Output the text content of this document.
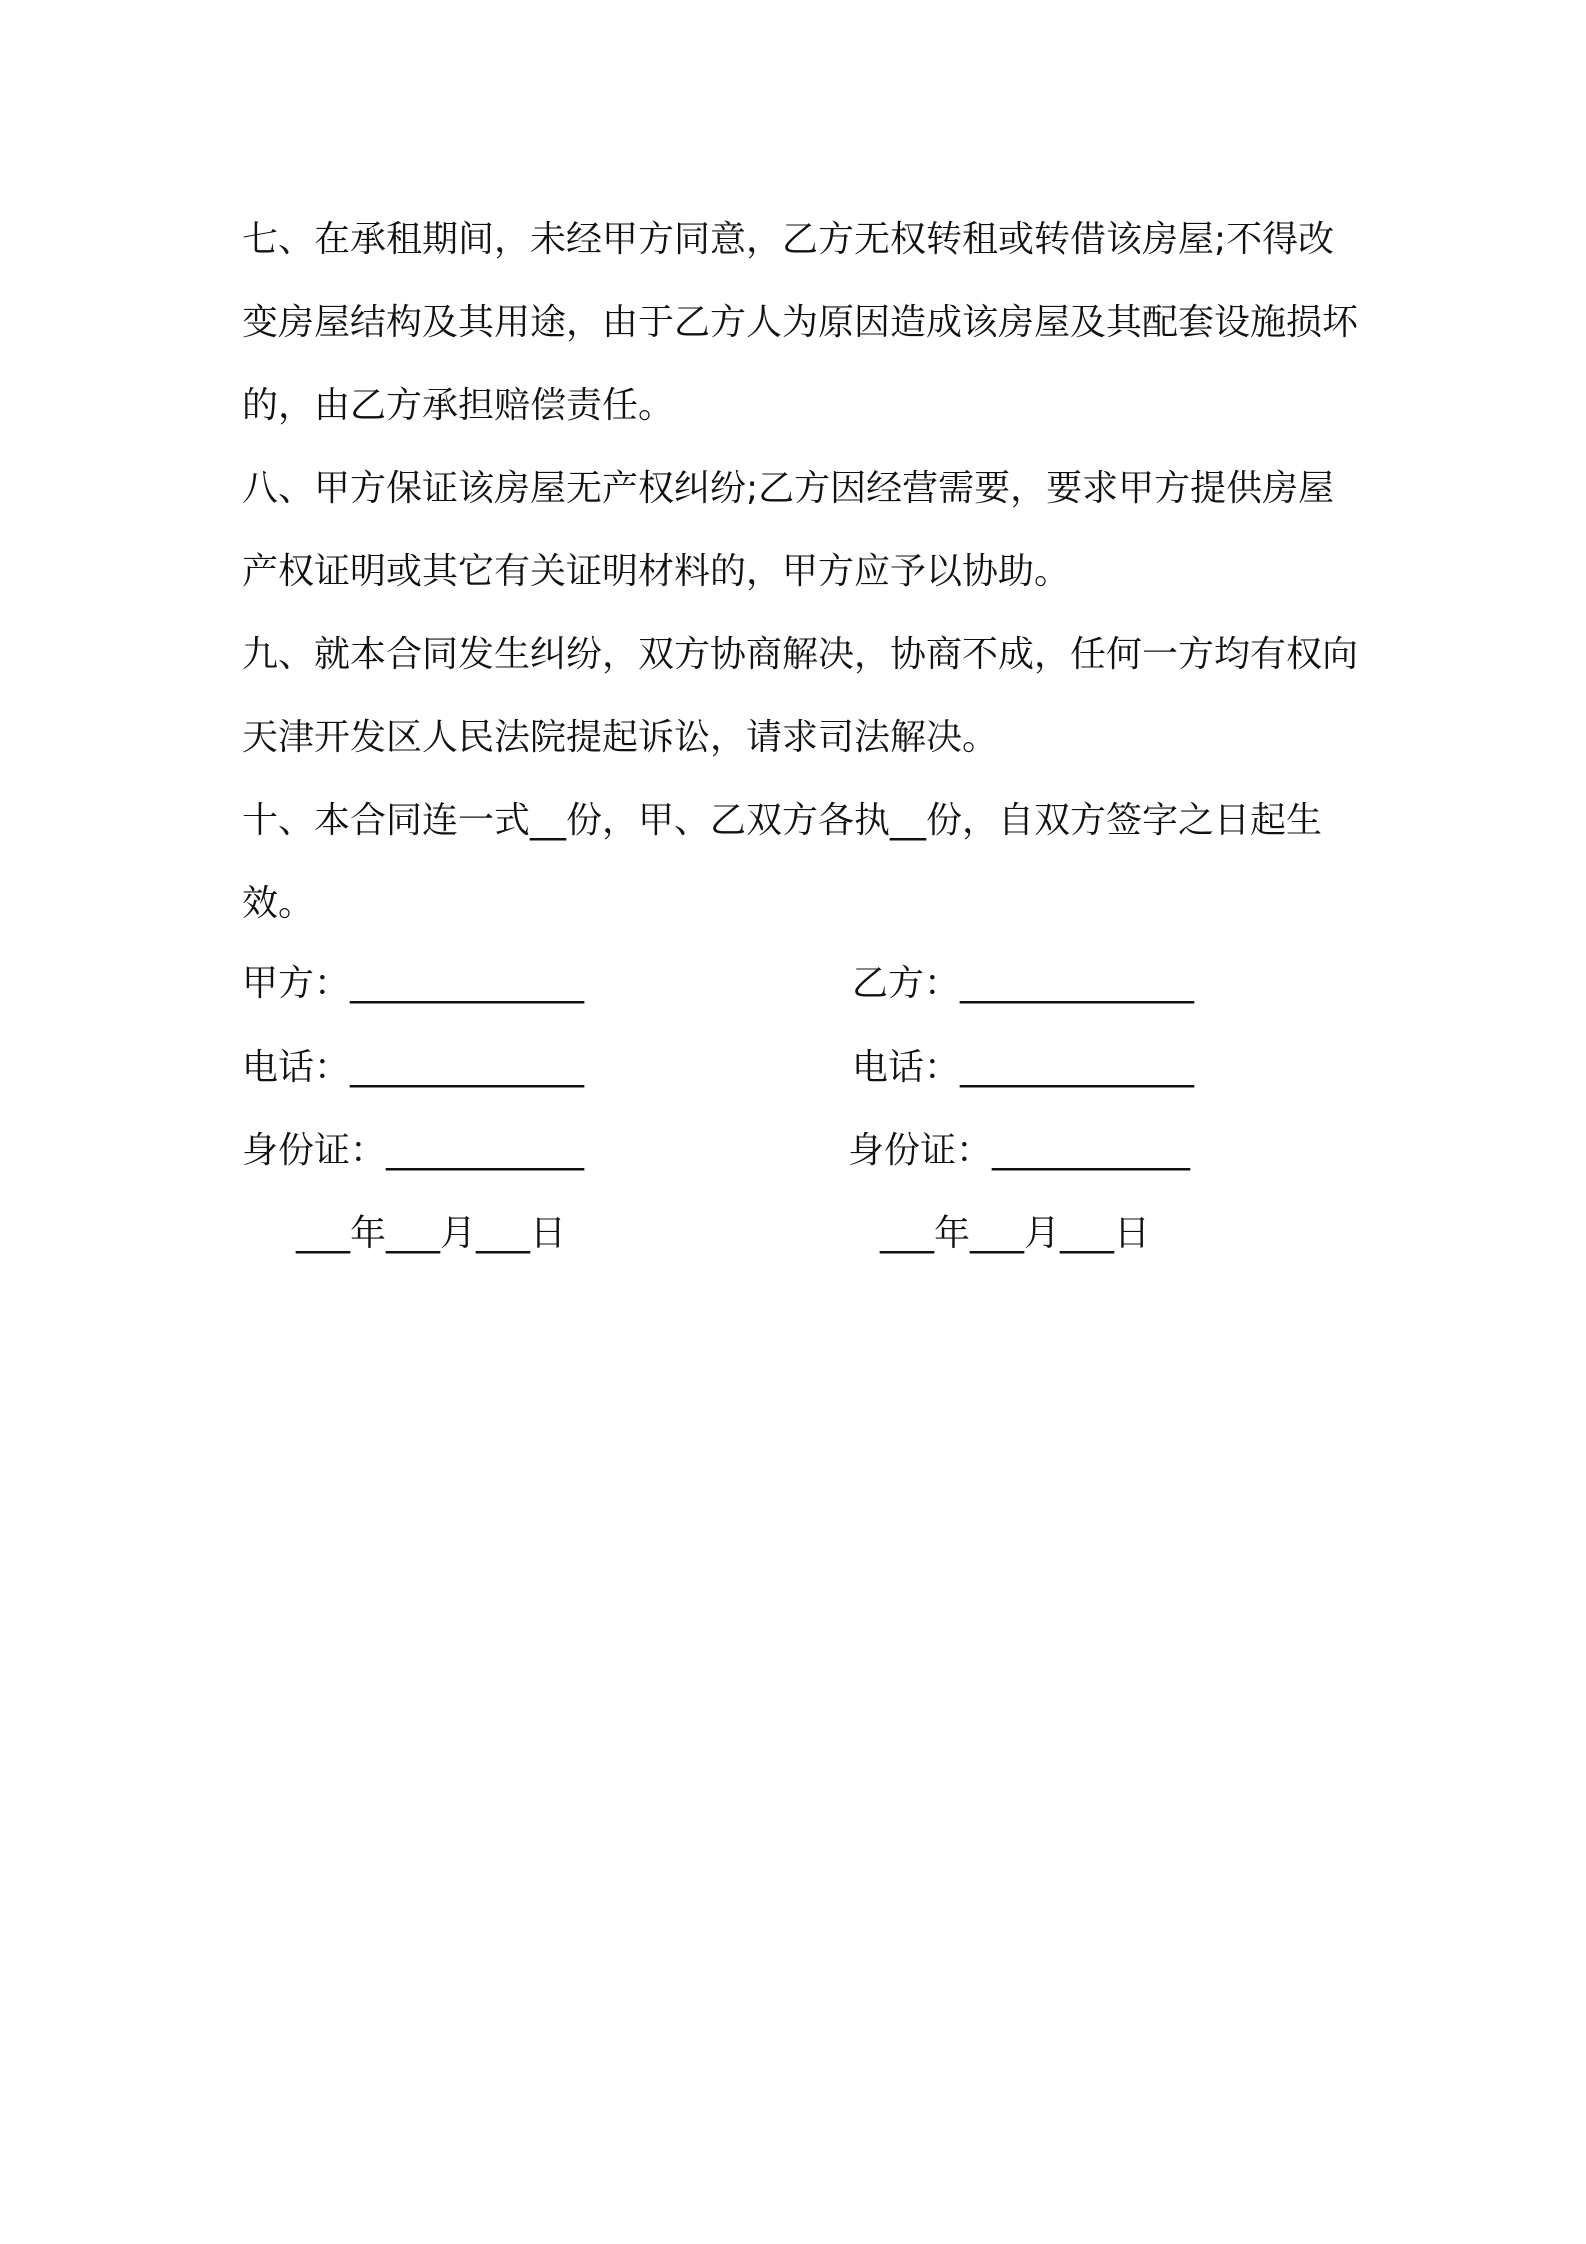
七、在承租期间，未经甲方同意，乙方无权转租或转借该房屋;不得改变房屋结构及其用途，由于乙方人为原因造成该房屋及其配套设施损坏的，由乙方承担赔偿责任。

八、甲方保证该房屋无产权纠纷;乙方因经营需要，要求甲方提供房屋产权证明或其它有关证明材料的，甲方应予以协助。

九、就本合同发生纠纷，双方协商解决，协商不成，任何一方均有权向天津开发区人民法院提起诉讼，请求司法解决。

十、本合同连一式__份，甲、乙双方各执__份，自双方签字之日起生效。

甲方：_____________	乙方：_____________
电话：_____________	电话：_____________
身份证：___________	身份证：___________
___年___月___日	___年___月___日
